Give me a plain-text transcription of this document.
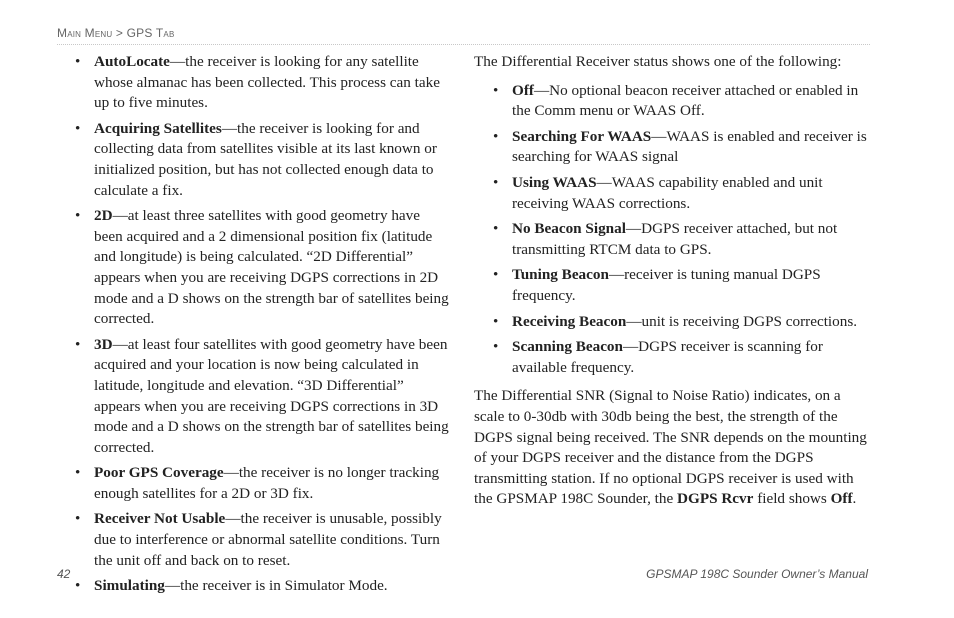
Main Menu > GPS Tab
• AutoLocate—the receiver is looking for any satellite whose almanac has been collected. This process can take up to five minutes.
• Acquiring Satellites—the receiver is looking for and collecting data from satellites visible at its last known or initialized position, but has not collected enough data to calculate a fix.
• 2D—at least three satellites with good geometry have been acquired and a 2 dimensional position fix (latitude and longitude) is being calculated. “2D Differential” appears when you are receiving DGPS corrections in 2D mode and a D shows on the strength bar of satellites being corrected.
• 3D—at least four satellites with good geometry have been acquired and your location is now being calculated in latitude, longitude and elevation. “3D Differential” appears when you are receiving DGPS corrections in 3D mode and a D shows on the strength bar of satellites being corrected.
• Poor GPS Coverage—the receiver is no longer tracking enough satellites for a 2D or 3D fix.
• Receiver Not Usable—the receiver is unusable, possibly due to interference or abnormal satellite conditions. Turn the unit off and back on to reset.
• Simulating—the receiver is in Simulator Mode.

The Differential Receiver status shows one of the following:

• Off—No optional beacon receiver attached or enabled in the Comm menu or WAAS Off.
• Searching For WAAS—WAAS is enabled and receiver is searching for WAAS signal
• Using WAAS—WAAS capability enabled and unit receiving WAAS corrections.
• No Beacon Signal—DGPS receiver attached, but not transmitting RTCM data to GPS.
• Tuning Beacon—receiver is tuning manual DGPS frequency.
• Receiving Beacon—unit is receiving DGPS corrections.
• Scanning Beacon—DGPS receiver is scanning for available frequency.

The Differential SNR (Signal to Noise Ratio) indicates, on a scale to 0-30db with 30db being the best, the strength of the DGPS signal being received. The SNR depends on the mounting of your DGPS receiver and the distance from the DGPS transmitting station. If no optional DGPS receiver is used with the GPSMAP 198C Sounder, the DGPS Rcvr field shows Off.

42	GPSMAP 198C Sounder Owner’s Manual
